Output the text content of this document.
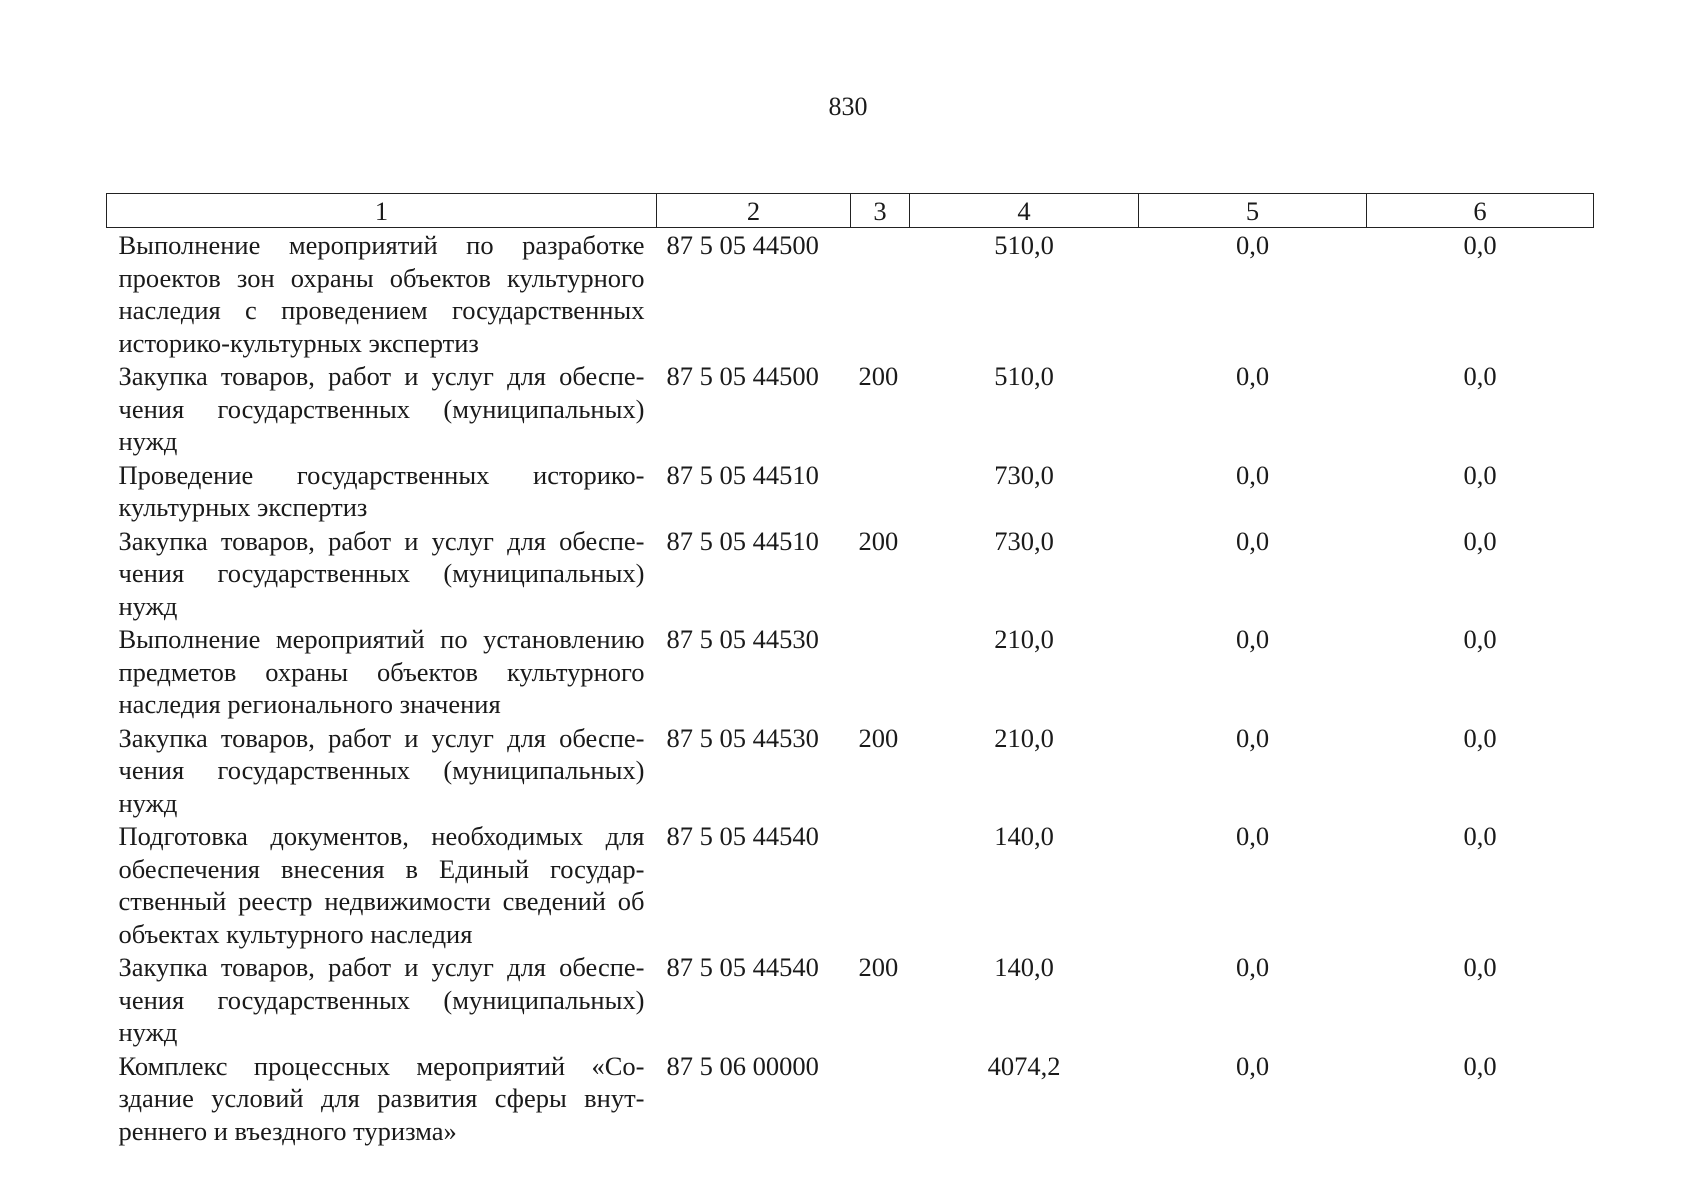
830
1	2	3	4	5	6
Выполнение мероприятий по разработке проектов зон охраны объектов культурного наследия с проведением государственных историко-культурных экспертиз	87 5 05 44500		510,0	0,0	0,0
Закупка товаров, работ и услуг для обеспечения государственных (муниципальных) нужд	87 5 05 44500	200	510,0	0,0	0,0
Проведение государственных историко-культурных экспертиз	87 5 05 44510		730,0	0,0	0,0
Закупка товаров, работ и услуг для обеспечения государственных (муниципальных) нужд	87 5 05 44510	200	730,0	0,0	0,0
Выполнение мероприятий по установлению предметов охраны объектов культурного наследия регионального значения	87 5 05 44530		210,0	0,0	0,0
Закупка товаров, работ и услуг для обеспечения государственных (муниципальных) нужд	87 5 05 44530	200	210,0	0,0	0,0
Подготовка документов, необходимых для обеспечения внесения в Единый государственный реестр недвижимости сведений об объектах культурного наследия	87 5 05 44540		140,0	0,0	0,0
Закупка товаров, работ и услуг для обеспечения государственных (муниципальных) нужд	87 5 05 44540	200	140,0	0,0	0,0
Комплекс процессных мероприятий «Создание условий для развития сферы внутреннего и въездного туризма»	87 5 06 00000		4074,2	0,0	0,0
